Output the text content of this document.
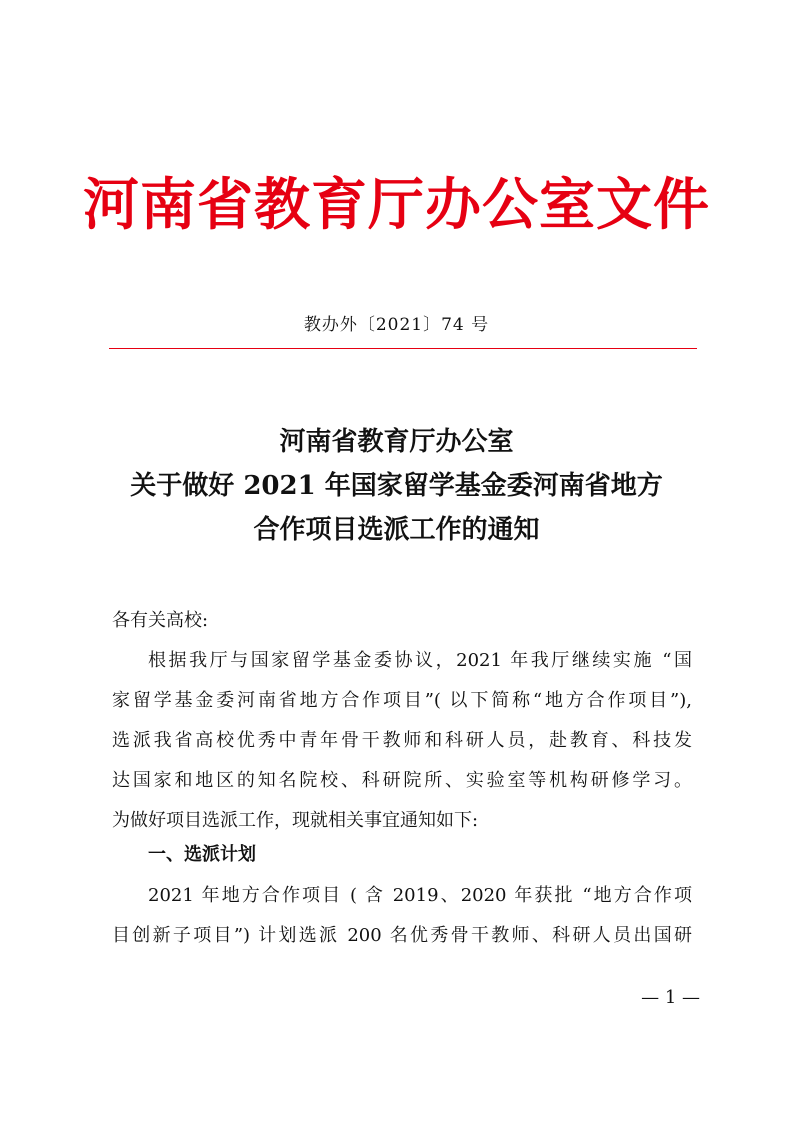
河南省教育厅办公室文件
教办外〔2021〕74 号
河南省教育厅办公室
关于做好 2021 年国家留学基金委河南省地方
合作项目选派工作的通知
各有关高校:
根据我厅与国家留学基金委协议，2021 年我厅继续实施 “国
家留学基金委河南省地方合作项目”( 以下简称“地方合作项目”),
选派我省高校优秀中青年骨干教师和科研人员，赴教育、科技发
达国家和地区的知名院校、科研院所、实验室等机构研修学习。
为做好项目选派工作，现就相关事宜通知如下:
一、选派计划
2021 年地方合作项目 ( 含 2019、2020 年获批 “地方合作项
目创新子项目”) 计划选派 200 名优秀骨干教师、科研人员出国研
— 1 —
